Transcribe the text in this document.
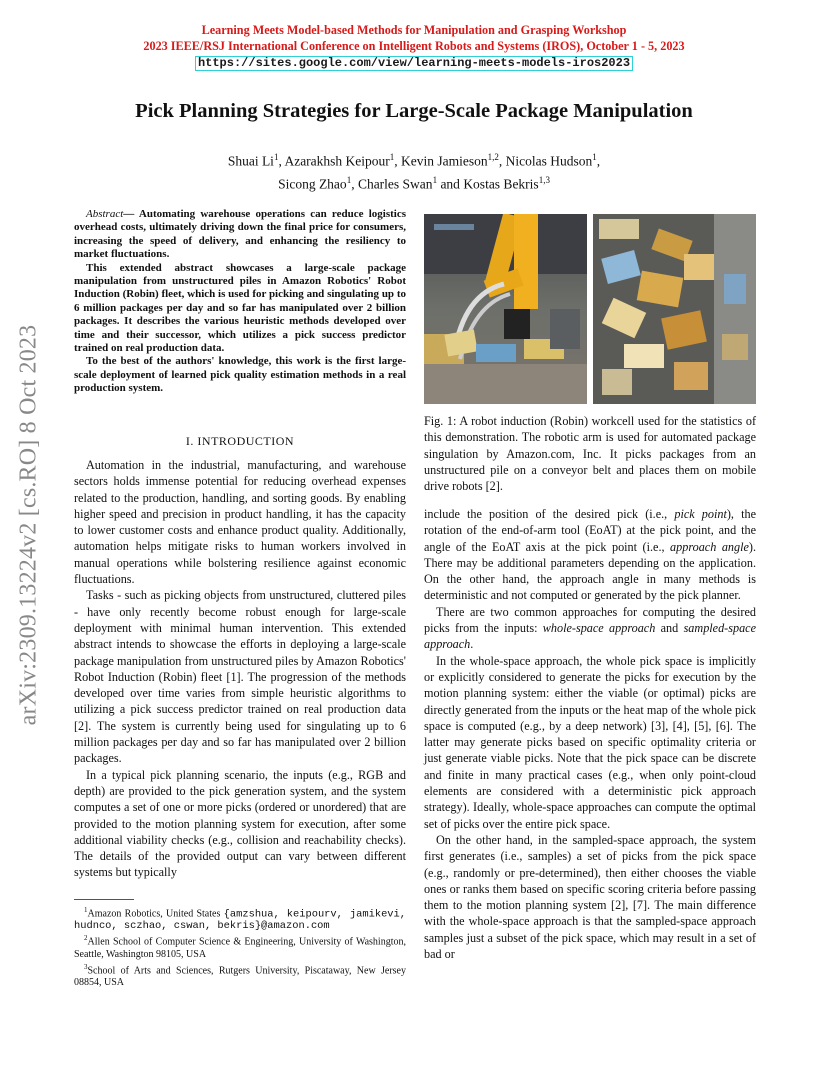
Learning Meets Model-based Methods for Manipulation and Grasping Workshop
2023 IEEE/RSJ International Conference on Intelligent Robots and Systems (IROS), October 1 - 5, 2023
https://sites.google.com/view/learning-meets-models-iros2023
Pick Planning Strategies for Large-Scale Package Manipulation
Shuai Li$^1$, Azarakhsh Keipour$^1$, Kevin Jamieson$^{1,2}$, Nicolas Hudson$^1$,
Sicong Zhao$^1$, Charles Swan$^1$ and Kostas Bekris$^{1,3}$
arXiv:2309.13224v2 [cs.RO] 8 Oct 2023

Abstract— Automating warehouse operations can reduce logistics overhead costs, ultimately driving down the final price for consumers, increasing the speed of delivery, and enhancing the resiliency to market fluctuations.

This extended abstract showcases a large-scale package manipulation from unstructured piles in Amazon Robotics' Robot Induction (Robin) fleet, which is used for picking and singulating up to 6 million packages per day and so far has manipulated over 2 billion packages. It describes the various heuristic methods developed over time and their successor, which utilizes a pick success predictor trained on real production data.

To the best of the authors' knowledge, this work is the first large-scale deployment of learned pick quality estimation methods in a real production system.

I. INTRODUCTION

Automation in the industrial, manufacturing, and warehouse sectors holds immense potential for reducing overhead expenses related to the production, handling, and sorting goods. By enabling higher speed and precision in product handling, it has the capacity to lower customer costs and enhance product quality. Additionally, automation helps mitigate risks to human workers involved in manual operations while bolstering resilience against economic fluctuations.

Tasks - such as picking objects from unstructured, cluttered piles - have only recently become robust enough for large-scale deployment with minimal human intervention. This extended abstract intends to showcase the efforts in deploying a large-scale package manipulation from unstructured piles by Amazon Robotics' Robot Induction (Robin) fleet [1]. The progression of the methods developed over time varies from simple heuristic algorithms to utilizing a pick success predictor trained on real production data [2]. The system is currently being used for singulating up to 6 million packages per day and so far has manipulated over 2 billion packages.

In a typical pick planning scenario, the inputs (e.g., RGB and depth) are provided to the pick generation system, and the system computes a set of one or more picks (ordered or unordered) that are provided to the motion planning system for execution, after some additional viability checks (e.g., collision and reachability checks). The details of the provided output can vary between different systems but typically

$^1$Amazon Robotics, United States {amzshua, keipourv, jamikevi, hudnco, sczhao, cswan, bekris}@amazon.com

$^2$Allen School of Computer Science & Engineering, University of Washington, Seattle, Washington 98105, USA

$^3$School of Arts and Sciences, Rutgers University, Piscataway, New Jersey 08854, USA

Fig. 1: A robot induction (Robin) workcell used for the statistics of this demonstration. The robotic arm is used for automated package singulation by Amazon.com, Inc. It picks packages from an unstructured pile on a conveyor belt and places them on mobile drive robots [2].

include the position of the desired pick (i.e., pick point), the rotation of the end-of-arm tool (EoAT) at the pick point, and the angle of the EoAT axis at the pick point (i.e., approach angle). There may be additional parameters depending on the application. On the other hand, the approach angle in many methods is deterministic and not computed or generated by the pick planner.

There are two common approaches for computing the desired picks from the inputs: whole-space approach and sampled-space approach.

In the whole-space approach, the whole pick space is implicitly or explicitly considered to generate the picks for execution by the motion planning system: either the viable (or optimal) picks are directly generated from the inputs or the heat map of the whole pick space is computed (e.g., by a deep network) [3], [4], [5], [6]. The latter may generate picks based on specific optimality criteria or just generate viable picks. Note that the pick space can be discrete and finite in many practical cases (e.g., when only point-cloud elements are considered with a deterministic pick approach strategy). Ideally, whole-space approaches can compute the optimal set of picks over the entire pick space.

On the other hand, in the sampled-space approach, the system first generates (i.e., samples) a set of picks from the pick space (e.g., randomly or pre-determined), then either chooses the viable ones or ranks them based on specific scoring criteria before passing them to the motion planning system [2], [7]. The main difference with the whole-space approach is that the sampled-space approach samples just a subset of the pick space, which may result in a set of bad or
